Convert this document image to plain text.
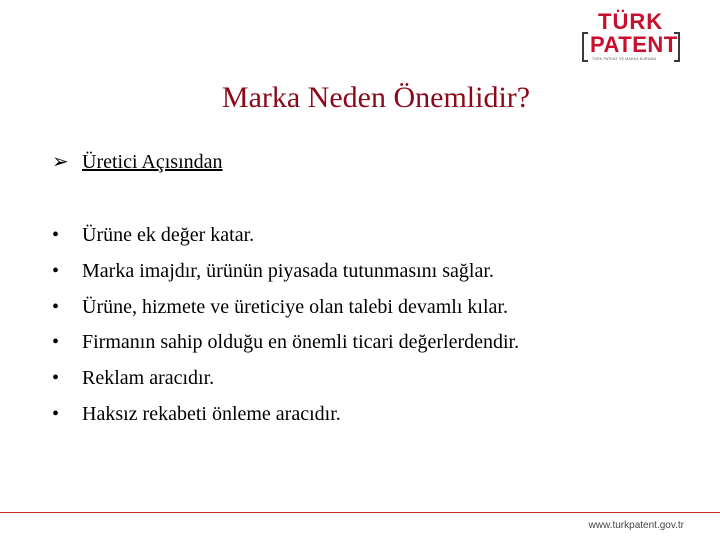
TÜRK
PATENT
TÜRK PATENT VE MARKA KURUMU
Marka Neden Önemlidir?
➢ Üretici Açısından
• Ürüne ek değer katar.
• Marka imajdır, ürünün piyasada tutunmasını sağlar.
• Ürüne, hizmete ve üreticiye olan talebi devamlı kılar.
• Firmanın sahip olduğu en önemli ticari değerlerdendir.
• Reklam aracıdır.
• Haksız rekabeti önleme aracıdır.
www.turkpatent.gov.tr
